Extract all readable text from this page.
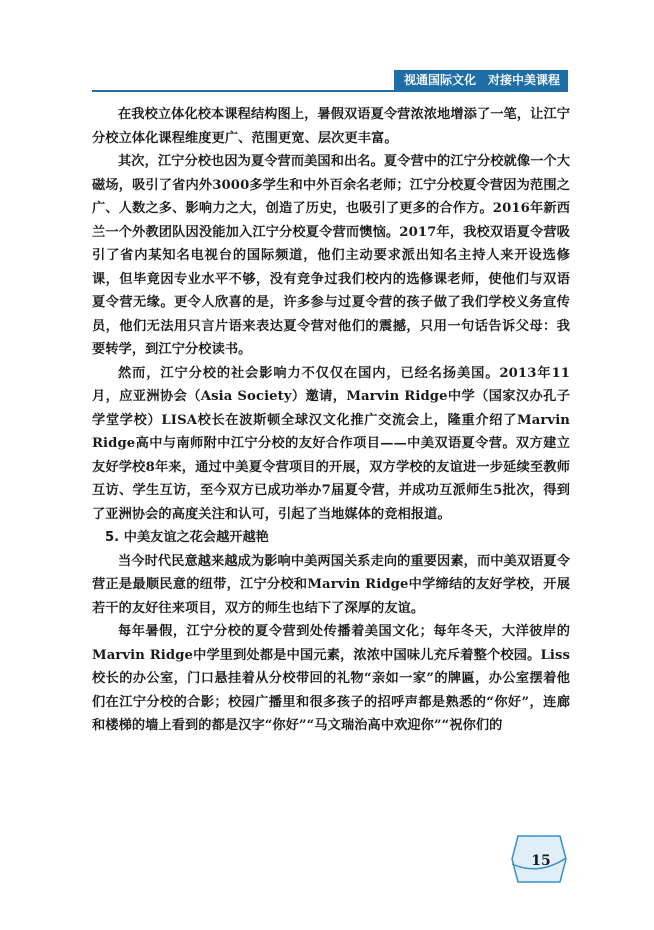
视通国际文化　对接中美课程

在我校立体化校本课程结构图上，暑假双语夏令营浓浓地增添了一笔，让江宁分校立体化课程维度更广、范围更宽、层次更丰富。

其次，江宁分校也因为夏令营而美国和出名。夏令营中的江宁分校就像一个大磁场，吸引了省内外3000多学生和中外百余名老师；江宁分校夏令营因为范围之广、人数之多、影响力之大，创造了历史，也吸引了更多的合作方。2016年新西兰一个外教团队因没能加入江宁分校夏令营而懊恼。2017年，我校双语夏令营吸引了省内某知名电视台的国际频道，他们主动要求派出知名主持人来开设选修课，但毕竟因专业水平不够，没有竞争过我们校内的选修课老师，使他们与双语夏令营无缘。更令人欣喜的是，许多参与过夏令营的孩子做了我们学校义务宣传员，他们无法用只言片语来表达夏令营对他们的震撼，只用一句话告诉父母：我要转学，到江宁分校读书。

然而，江宁分校的社会影响力不仅仅在国内，已经名扬美国。2013年11月，应亚洲协会（Asia Society）邀请，Marvin Ridge中学（国家汉办孔子学堂学校）LISA校长在波斯顿全球汉文化推广交流会上，隆重介绍了Marvin Ridge高中与南师附中江宁分校的友好合作项目——中美双语夏令营。双方建立友好学校8年来，通过中美夏令营项目的开展，双方学校的友谊进一步延续至教师互访、学生互访，至今双方已成功举办7届夏令营，并成功互派师生5批次，得到了亚洲协会的高度关注和认可，引起了当地媒体的竞相报道。

5. 中美友谊之花会越开越艳

当今时代民意越来越成为影响中美两国关系走向的重要因素，而中美双语夏令营正是最顺民意的纽带，江宁分校和Marvin Ridge中学缔结的友好学校，开展若干的友好往来项目，双方的师生也结下了深厚的友谊。

每年暑假，江宁分校的夏令营到处传播着美国文化；每年冬天，大洋彼岸的Marvin Ridge中学里到处都是中国元素，浓浓中国味儿充斥着整个校园。Liss校长的办公室，门口悬挂着从分校带回的礼物“亲如一家”的牌匾，办公室摆着他们在江宁分校的合影；校园广播里和很多孩子的招呼声都是熟悉的“你好”，连廊和楼梯的墙上看到的都是汉字“你好”“马文瑞治高中欢迎你”“祝你们的

15
